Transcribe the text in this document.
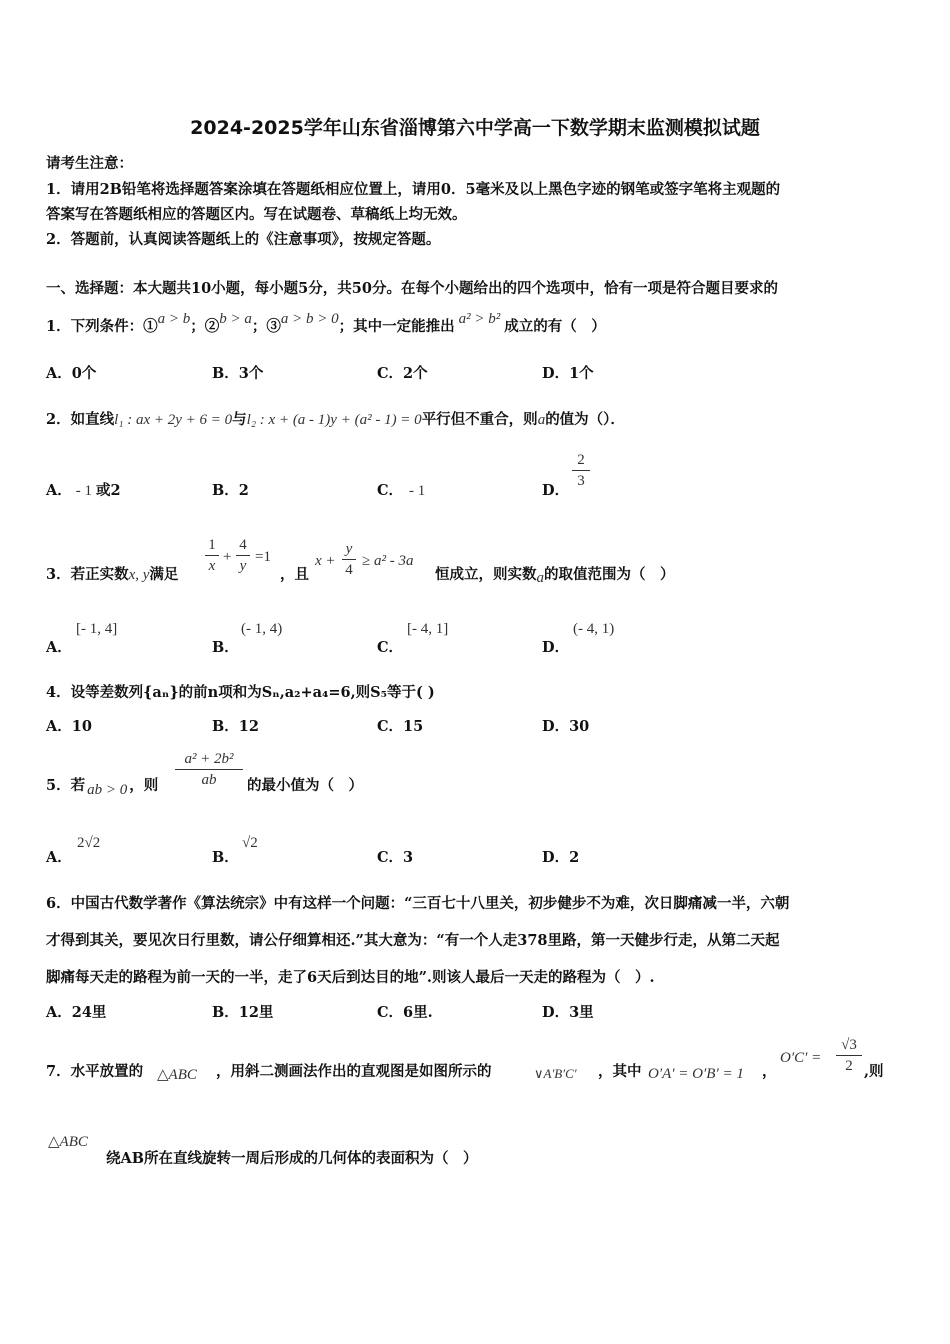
2024-2025学年山东省淄博第六中学高一下数学期末监测模拟试题
请考生注意：
1．请用2B铅笔将选择题答案涂填在答题纸相应位置上，请用0．5毫米及以上黑色字迹的钢笔或签字笔将主观题的
答案写在答题纸相应的答题区内。写在试题卷、草稿纸上均无效。
2．答题前，认真阅读答题纸上的《注意事项》，按规定答题。
一、选择题：本大题共10小题，每小题5分，共50分。在每个小题给出的四个选项中，恰有一项是符合题目要求的
1．下列条件：①a > b；②b > a；③a > b > 0；其中一定能推出 a² > b² 成立的有（　）
A．0个	B．3个	C．2个	D．1个
2．如直线l₁ : ax + 2y + 6 = 0与l₂ : x + (a - 1)y + (a² - 1) = 0平行但不重合，则a的值为（）．
A． - 1 或2	B．2	C． - 1	D．
2
3
3．若正实数x, y满足
1
x
+
4
y
=1
，且
x +
y
4
≥ a² - 3a
恒成立，则实数a的取值范围为（　）
A．
[- 1, 4]
B．
(- 1, 4)
C．
[- 4, 1]
D．
(- 4, 1)
4．设等差数列{aₙ}的前n项和为Sₙ,a₂+a₄=6,则S₅等于( )
A．10	B．12	C．15	D．30
5．若 ab > 0 ，则
a² + 2b²
ab	的最小值为（　）
A．
2√2
B．
√2
C．3	D．2
6．中国古代数学著作《算法统宗》中有这样一个问题：“三百七十八里关，初步健步不为难，次日脚痛减一半，六朝
才得到其关，要见次日行里数，请公仔细算相还.”其大意为：“有一个人走378里路，第一天健步行走，从第二天起
脚痛每天走的路程为前一天的一半，走了6天后到达目的地”.则该人最后一天走的路程为（　）.
A．24里	B．12里	C．6里.	D．3里
7．水平放置的 △ABC ，用斜二测画法作出的直观图是如图所示的	∨A′B′C′ ，其中 O′A′ = O′B′ = 1 ，
O′C′ =
√3
2 ,则
△ABC
绕AB所在直线旋转一周后形成的几何体的表面积为（　）
